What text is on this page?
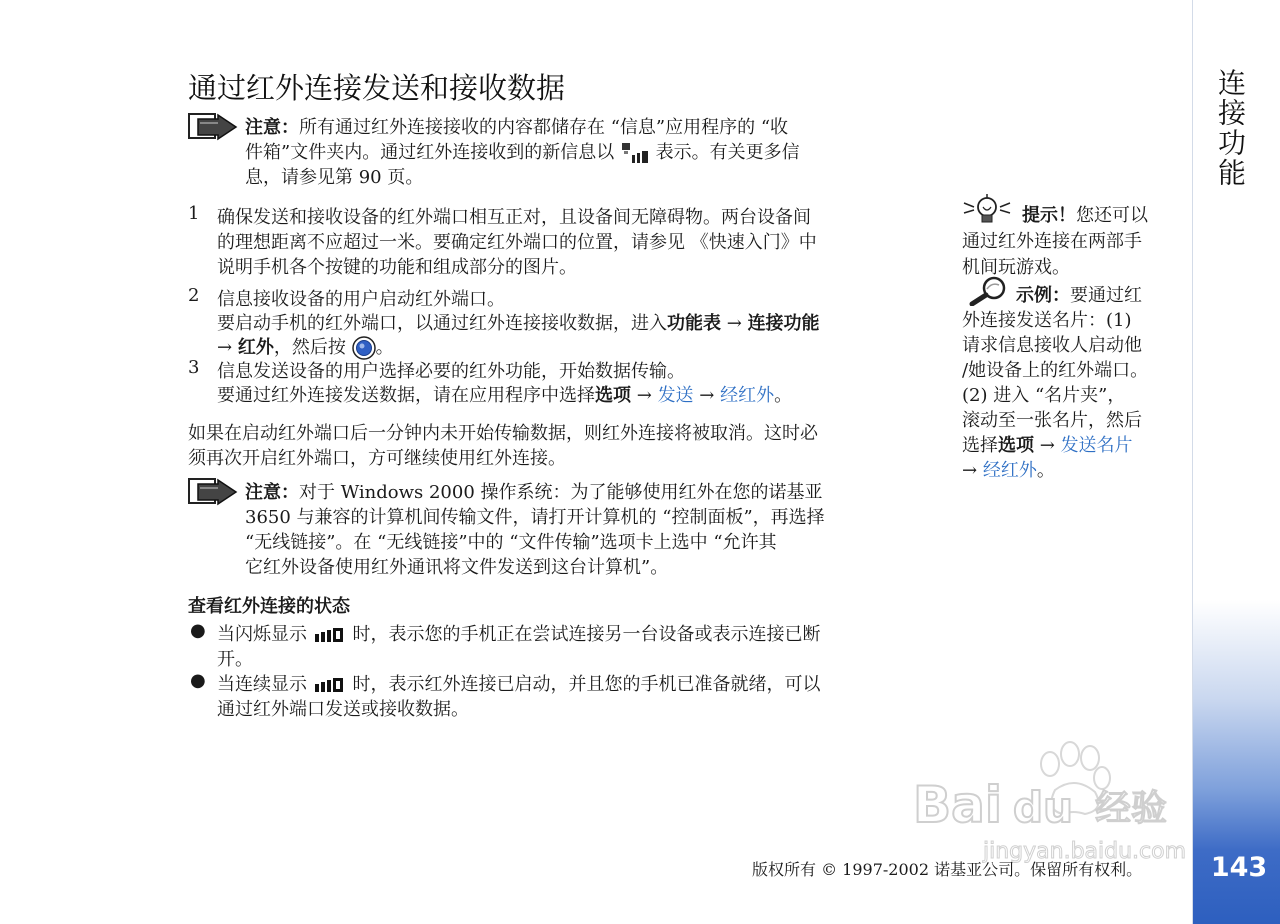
连接功能
143
Bai du 经验
jingyan.baidu.com
通过红外连接发送和接收数据
注意：所有通过红外连接接收的内容都储存在 “信息”应用程序的 “收
件箱”文件夹内。通过红外连接收到的新信息以 表示。有关更多信
息，请参见第 90 页。
1 确保发送和接收设备的红外端口相互正对，且设备间无障碍物。两台设备间
的理想距离不应超过一米。要确定红外端口的位置，请参见 《快速入门》中
说明手机各个按键的功能和组成部分的图片。
2 信息接收设备的用户启动红外端口。
要启动手机的红外端口，以通过红外连接接收数据，进入功能表 → 连接功能
→ 红外，然后按 。
3 信息发送设备的用户选择必要的红外功能，开始数据传输。
要通过红外连接发送数据，请在应用程序中选择选项 → 发送 → 经红外。
如果在启动红外端口后一分钟内未开始传输数据，则红外连接将被取消。这时必
须再次开启红外端口，方可继续使用红外连接。
注意：对于 Windows 2000 操作系统：为了能够使用红外在您的诺基亚
3650 与兼容的计算机间传输文件，请打开计算机的 “控制面板”，再选择
“无线链接”。在 “无线链接”中的 “文件传输”选项卡上选中 “允许其
它红外设备使用红外通讯将文件发送到这台计算机”。
查看红外连接的状态
● 当闪烁显示	时，表示您的手机正在尝试连接另一台设备或表示连接已断
开。
● 当连续显示	时，表示红外连接已启动，并且您的手机已准备就绪，可以
通过红外端口发送或接收数据。
提示！您还可以
通过红外连接在两部手
机间玩游戏。
示例：要通过红
外连接发送名片：(1)
请求信息接收人启动他
/她设备上的红外端口。
(2) 进入 “名片夹”，
滚动至一张名片，然后
选择选项 → 发送名片
→ 经红外。
版权所有 © 1997-2002 诺基亚公司。保留所有权利。
